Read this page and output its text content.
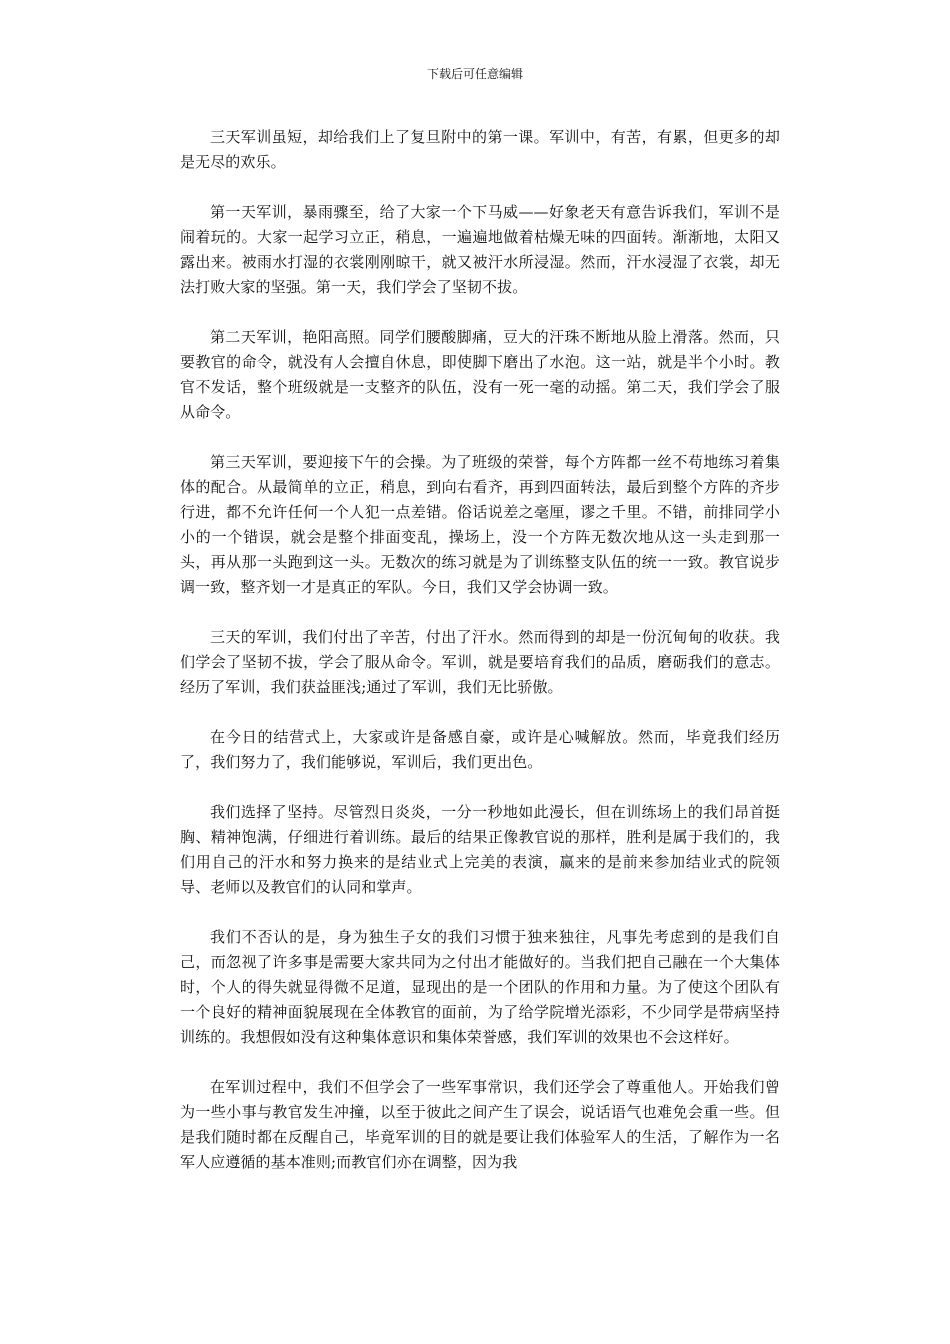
下载后可任意编辑

三天军训虽短，却给我们上了复旦附中的第一课。军训中，有苦，有累，但更多的却是无尽的欢乐。

第一天军训，暴雨骤至，给了大家一个下马威——好象老天有意告诉我们，军训不是闹着玩的。大家一起学习立正，稍息，一遍遍地做着枯燥无味的四面转。渐渐地，太阳又露出来。被雨水打湿的衣裳刚刚晾干，就又被汗水所浸湿。然而，汗水浸湿了衣裳，却无法打败大家的坚强。第一天，我们学会了坚韧不拔。

第二天军训，艳阳高照。同学们腰酸脚痛，豆大的汗珠不断地从脸上滑落。然而，只要教官的命令，就没有人会擅自休息，即使脚下磨出了水泡。这一站，就是半个小时。教官不发话，整个班级就是一支整齐的队伍，没有一死一毫的动摇。第二天，我们学会了服从命令。

第三天军训，要迎接下午的会操。为了班级的荣誉，每个方阵都一丝不苟地练习着集体的配合。从最简单的立正，稍息，到向右看齐，再到四面转法，最后到整个方阵的齐步行进，都不允许任何一个人犯一点差错。俗话说差之毫厘，谬之千里。不错，前排同学小小的一个错误，就会是整个排面变乱，操场上，没一个方阵无数次地从这一头走到那一头，再从那一头跑到这一头。无数次的练习就是为了训练整支队伍的统一一致。教官说步调一致，整齐划一才是真正的军队。今日，我们又学会协调一致。

三天的军训，我们付出了辛苦，付出了汗水。然而得到的却是一份沉甸甸的收获。我们学会了坚韧不拔，学会了服从命令。军训，就是要培育我们的品质，磨砺我们的意志。经历了军训，我们获益匪浅;通过了军训，我们无比骄傲。

在今日的结营式上，大家或许是备感自豪，或许是心喊解放。然而，毕竟我们经历了，我们努力了，我们能够说，军训后，我们更出色。

我们选择了坚持。尽管烈日炎炎，一分一秒地如此漫长，但在训练场上的我们昂首挺胸、精神饱满，仔细进行着训练。最后的结果正像教官说的那样，胜利是属于我们的，我们用自己的汗水和努力换来的是结业式上完美的表演，赢来的是前来参加结业式的院领导、老师以及教官们的认同和掌声。

我们不否认的是，身为独生子女的我们习惯于独来独往，凡事先考虑到的是我们自己，而忽视了许多事是需要大家共同为之付出才能做好的。当我们把自己融在一个大集体时，个人的得失就显得微不足道，显现出的是一个团队的作用和力量。为了使这个团队有一个良好的精神面貌展现在全体教官的面前，为了给学院增光添彩，不少同学是带病坚持训练的。我想假如没有这种集体意识和集体荣誉感，我们军训的效果也不会这样好。

在军训过程中，我们不但学会了一些军事常识，我们还学会了尊重他人。开始我们曾为一些小事与教官发生冲撞，以至于彼此之间产生了误会，说话语气也难免会重一些。但是我们随时都在反醒自己，毕竟军训的目的就是要让我们体验军人的生活，了解作为一名军人应遵循的基本准则;而教官们亦在调整，因为我
